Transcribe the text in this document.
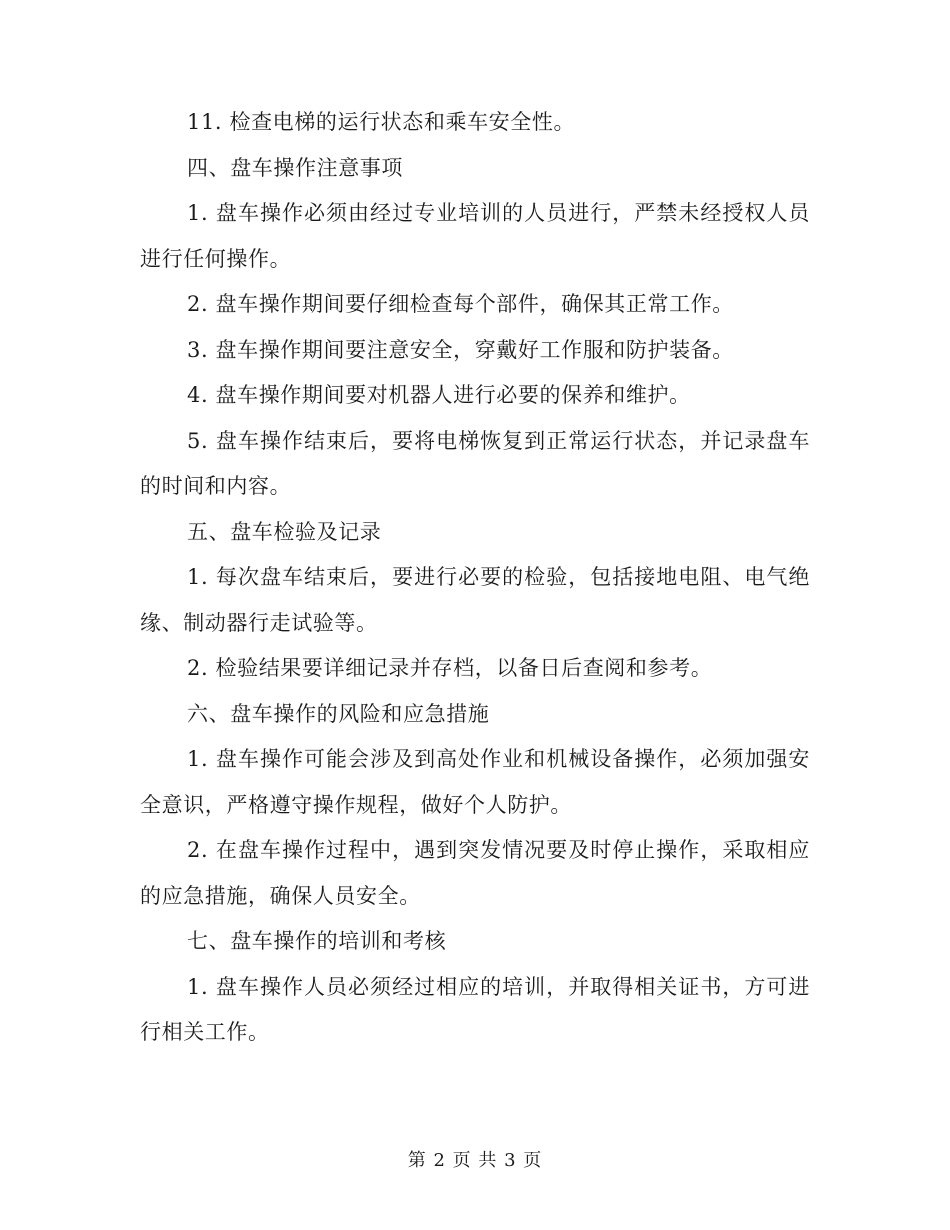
11. 检查电梯的运行状态和乘车安全性。

四、盘车操作注意事项

1. 盘车操作必须由经过专业培训的人员进行，严禁未经授权人员进行任何操作。

2. 盘车操作期间要仔细检查每个部件，确保其正常工作。

3. 盘车操作期间要注意安全，穿戴好工作服和防护装备。

4. 盘车操作期间要对机器人进行必要的保养和维护。

5. 盘车操作结束后，要将电梯恢复到正常运行状态，并记录盘车的时间和内容。

五、盘车检验及记录

1. 每次盘车结束后，要进行必要的检验，包括接地电阻、电气绝缘、制动器行走试验等。

2. 检验结果要详细记录并存档，以备日后查阅和参考。

六、盘车操作的风险和应急措施

1. 盘车操作可能会涉及到高处作业和机械设备操作，必须加强安全意识，严格遵守操作规程，做好个人防护。

2. 在盘车操作过程中，遇到突发情况要及时停止操作，采取相应的应急措施，确保人员安全。

七、盘车操作的培训和考核

1. 盘车操作人员必须经过相应的培训，并取得相关证书，方可进行相关工作。

第 2 页 共 3 页
